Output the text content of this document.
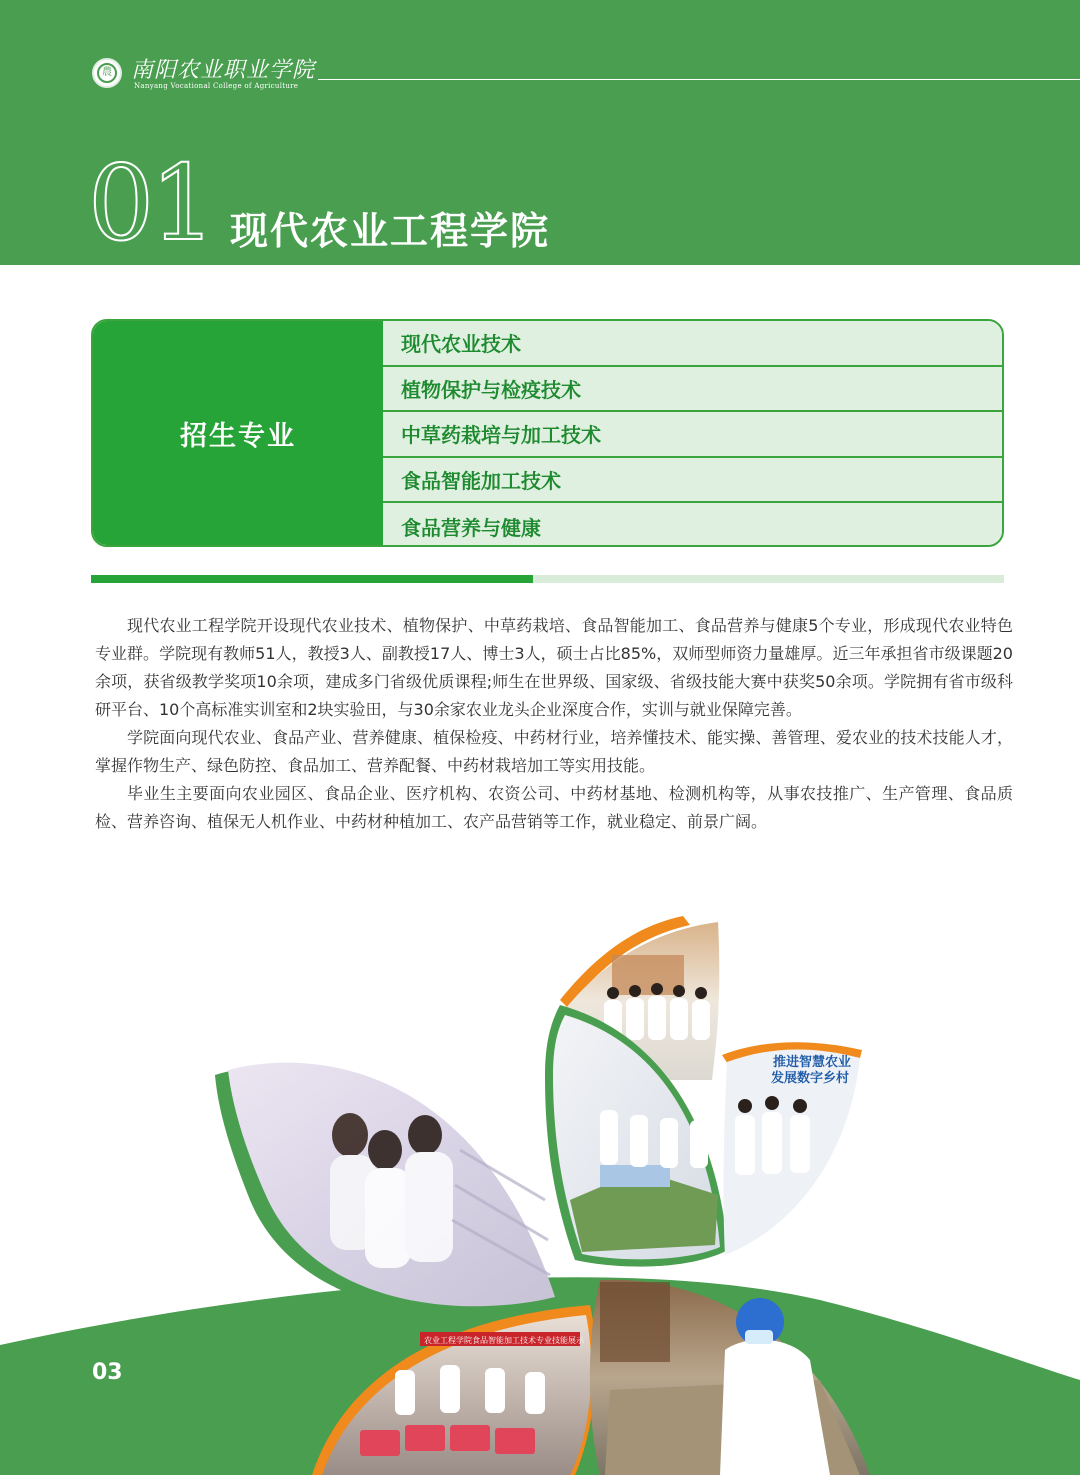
農 南阳农业职业学院
Nanyang Vocational College of Agriculture
01 现代农业工程学院
招生专业
现代农业技术
植物保护与检疫技术
中草药栽培与加工技术
食品智能加工技术
食品营养与健康

现代农业工程学院开设现代农业技术、植物保护、中草药栽培、食品智能加工、食品营养与健康5个专业，形成现代农业特色专业群。学院现有教师51人，教授3人、副教授17人、博士3人，硕士占比85%，双师型师资力量雄厚。近三年承担省市级课题20余项，获省级教学奖项10余项，建成多门省级优质课程;师生在世界级、国家级、省级技能大赛中获奖50余项。学院拥有省市级科研平台、10个高标准实训室和2块实验田，与30余家农业龙头企业深度合作，实训与就业保障完善。

学院面向现代农业、食品产业、营养健康、植保检疫、中药材行业，培养懂技术、能实操、善管理、爱农业的技术技能人才，掌握作物生产、绿色防控、食品加工、营养配餐、中药材栽培加工等实用技能。

毕业生主要面向农业园区、食品企业、医疗机构、农资公司、中药材基地、检测机构等，从事农技推广、生产管理、食品质检、营养咨询、植保无人机作业、中药材种植加工、农产品营销等工作，就业稳定、前景广阔。

推进智慧农业
发展数字乡村
农业工程学院食品智能加工技术专业技能展示
03
